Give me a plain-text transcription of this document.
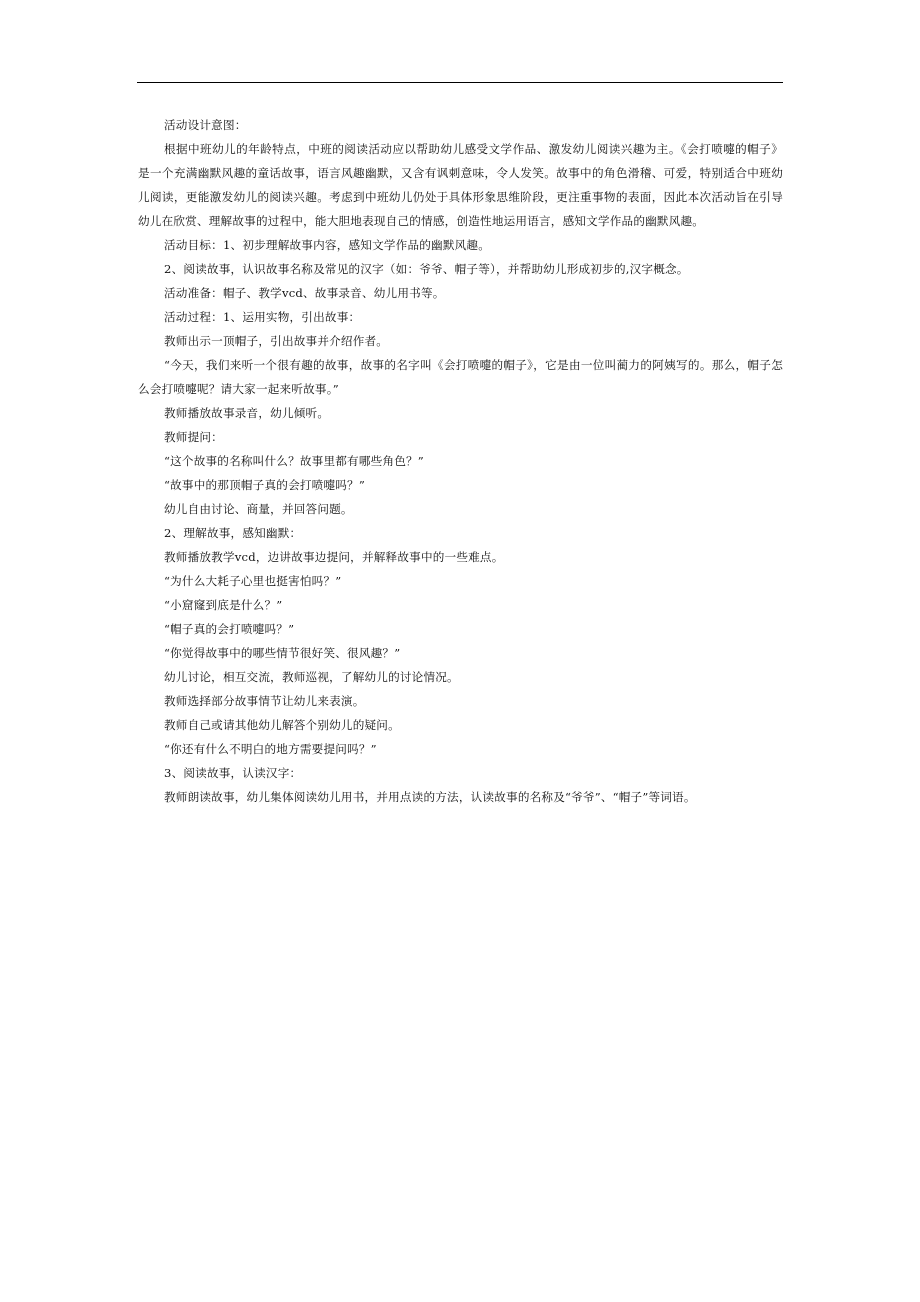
活动设计意图：

根据中班幼儿的年龄特点，中班的阅读活动应以帮助幼儿感受文学作品、激发幼儿阅读兴趣为主。《会打喷嚏的帽子》是一个充满幽默风趣的童话故事，语言风趣幽默，又含有讽刺意味，令人发笑。故事中的角色滑稽、可爱，特别适合中班幼儿阅读，更能激发幼儿的阅读兴趣。考虑到中班幼儿仍处于具体形象思维阶段，更注重事物的表面，因此本次活动旨在引导幼儿在欣赏、理解故事的过程中，能大胆地表现自己的情感，创造性地运用语言，感知文学作品的幽默风趣。

活动目标：1、初步理解故事内容，感知文学作品的幽默风趣。

2、阅读故事，认识故事名称及常见的汉字（如：爷爷、帽子等），并帮助幼儿形成初步的,汉字概念。

活动准备：帽子、教学vcd、故事录音、幼儿用书等。

活动过程：1、运用实物，引出故事：

教师出示一顶帽子，引出故事并介绍作者。

“今天，我们来听一个很有趣的故事，故事的名字叫《会打喷嚏的帽子》，它是由一位叫蔺力的阿姨写的。那么，帽子怎么会打喷嚏呢？请大家一起来听故事。”

教师播放故事录音，幼儿倾听。

教师提问：

“这个故事的名称叫什么？故事里都有哪些角色？”

“故事中的那顶帽子真的会打喷嚏吗？”

幼儿自由讨论、商量，并回答问题。

2、理解故事，感知幽默：

教师播放教学vcd，边讲故事边提问，并解释故事中的一些难点。

“为什么大耗子心里也挺害怕吗？”

“小窟窿到底是什么？”

“帽子真的会打喷嚏吗？”

“你觉得故事中的哪些情节很好笑、很风趣？”

幼儿讨论，相互交流，教师巡视，了解幼儿的讨论情况。

教师选择部分故事情节让幼儿来表演。

教师自己或请其他幼儿解答个别幼儿的疑问。

“你还有什么不明白的地方需要提问吗？”

3、阅读故事，认读汉字：

教师朗读故事，幼儿集体阅读幼儿用书，并用点读的方法，认读故事的名称及“爷爷”、“帽子”等词语。
